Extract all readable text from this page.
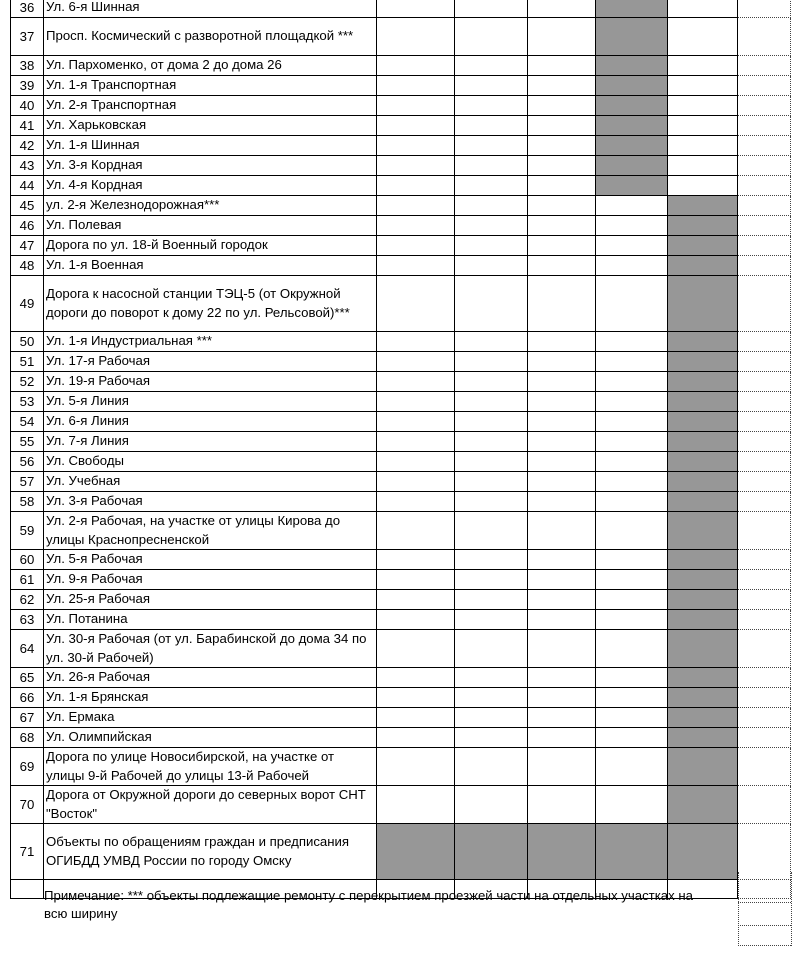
36	Ул. 6-я Шинная						
37	Просп. Космический с разворотной площадкой ***						
38	Ул. Пархоменко, от дома 2 до дома 26						
39	Ул. 1-я Транспортная						
40	Ул. 2-я Транспортная						
41	Ул. Харьковская						
42	Ул. 1-я Шинная						
43	Ул. 3-я Кордная						
44	Ул. 4-я Кордная						
45	ул. 2-я Железнодорожная***						
46	Ул. Полевая						
47	Дорога по ул. 18-й Военный городок						
48	Ул. 1-я Военная						
49	Дорога к насосной станции ТЭЦ-5 (от Окружной дороги до поворот к дому 22 по ул. Рельсовой)***						
50	Ул. 1-я Индустриальная ***						
51	Ул. 17-я Рабочая						
52	Ул. 19-я Рабочая						
53	Ул. 5-я Линия						
54	Ул. 6-я Линия						
55	Ул. 7-я Линия						
56	Ул. Свободы						
57	Ул. Учебная						
58	Ул. 3-я Рабочая						
59	Ул. 2-я Рабочая, на участке от улицы Кирова до улицы Краснопресненской						
60	Ул. 5-я Рабочая						
61	Ул. 9-я Рабочая						
62	Ул. 25-я Рабочая						
63	Ул. Потанина						
64	Ул. 30-я Рабочая (от ул. Барабинской до дома 34 по ул. 30-й Рабочей)						
65	Ул. 26-я Рабочая						
66	Ул. 1-я Брянская						
67	Ул. Ермака						
68	Ул. Олимпийская						
69	Дорога по улице Новосибирской, на участке от улицы 9-й Рабочей до улицы 13-й Рабочей						
70	Дорога от Окружной дороги до северных ворот СНТ "Восток"						
71	Объекты по обращениям граждан и предписания ОГИБДД УМВД России по городу Омску						

Примечание: *** объекты подлежащие ремонту с перекрытием проезжей части на отдельных участках на всю ширину
